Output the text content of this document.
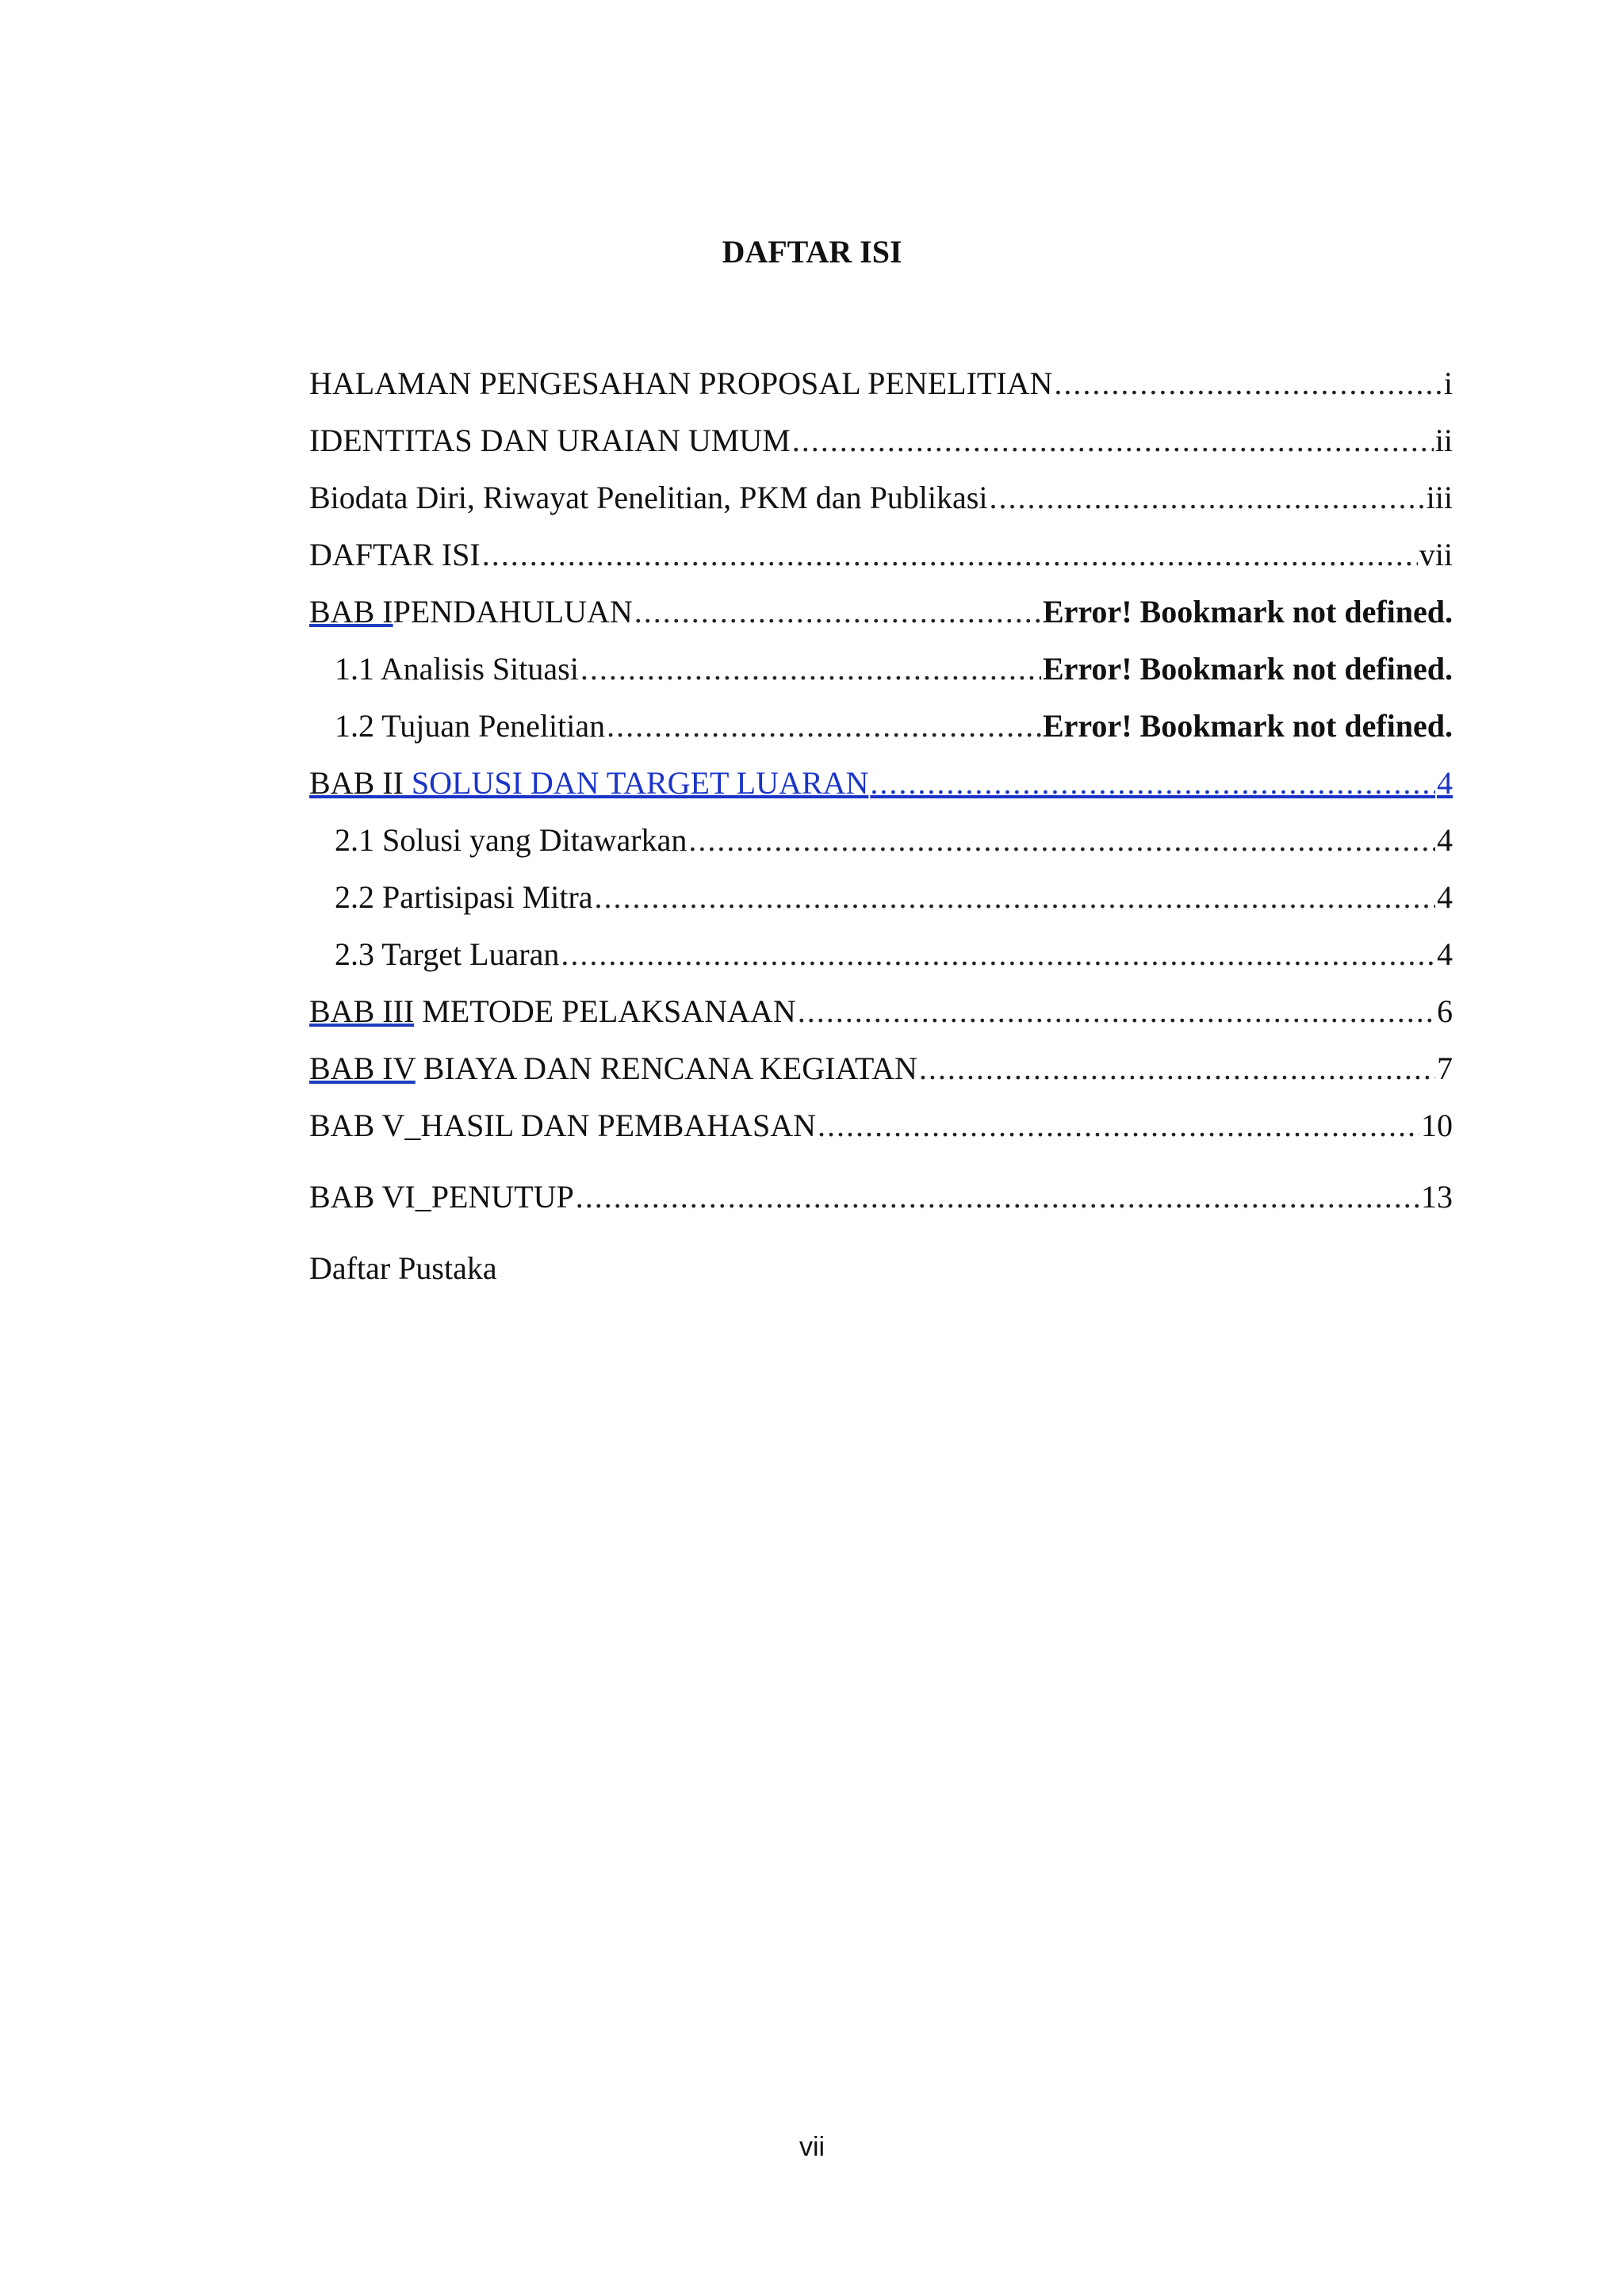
DAFTAR ISI
HALAMAN PENGESAHAN PROPOSAL PENELITIAN .....	i
IDENTITAS DAN URAIAN UMUM .....	ii
Biodata Diri, Riwayat Penelitian, PKM dan Publikasi .....	iii
DAFTAR ISI .....	vii
BAB IPENDAHULUAN .....	Error! Bookmark not defined.
1.1 Analisis Situasi .....	Error! Bookmark not defined.
1.2 Tujuan Penelitian .....	Error! Bookmark not defined.
BAB II SOLUSI DAN TARGET LUARAN .....	4
2.1 Solusi yang Ditawarkan .....	4
2.2 Partisipasi Mitra .....	4
2.3 Target Luaran .....	4
BAB III METODE PELAKSANAAN .....	6
BAB IV BIAYA DAN RENCANA KEGIATAN .....	7
BAB V_HASIL DAN PEMBAHASAN .....	10
BAB VI_PENUTUP .....	13
Daftar Pustaka
vii
